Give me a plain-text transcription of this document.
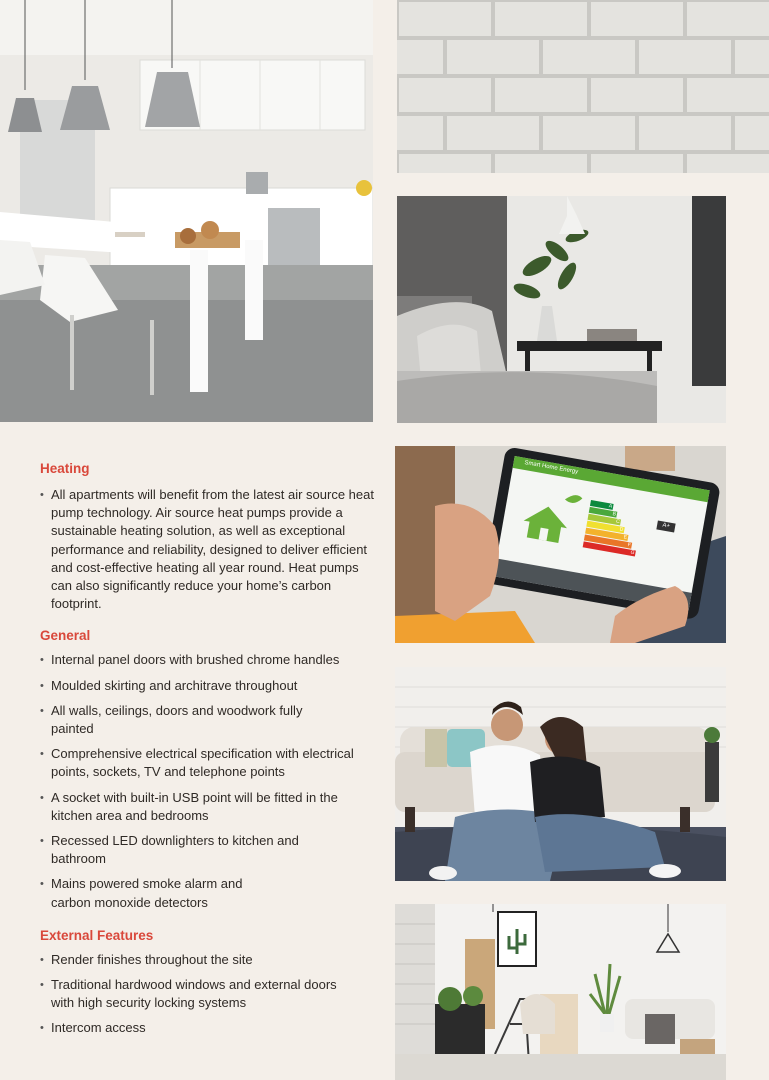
Smart Home Energy
A
B
C
D
E
F
G
A+
Heating
• All apartments will benefit from the latest air source heat pump technology. Air source heat pumps provide a sustainable heating solution, as well as exceptional performance and reliability, designed to deliver efficient and cost-effective heating all year round. Heat pumps can also significantly reduce your home’s carbon footprint.
General
• Internal panel doors with brushed chrome handles
• Moulded skirting and architrave throughout
• All walls, ceilings, doors and woodwork fully painted
• Comprehensive electrical specification with electrical points, sockets, TV and telephone points
• A socket with built-in USB point will be fitted in the kitchen area and bedrooms
• Recessed LED downlighters to kitchen and bathroom
• Mains powered smoke alarm and carbon monoxide detectors
External Features
• Render finishes throughout the site
• Traditional hardwood windows and external doors with high security locking systems
• Intercom access
